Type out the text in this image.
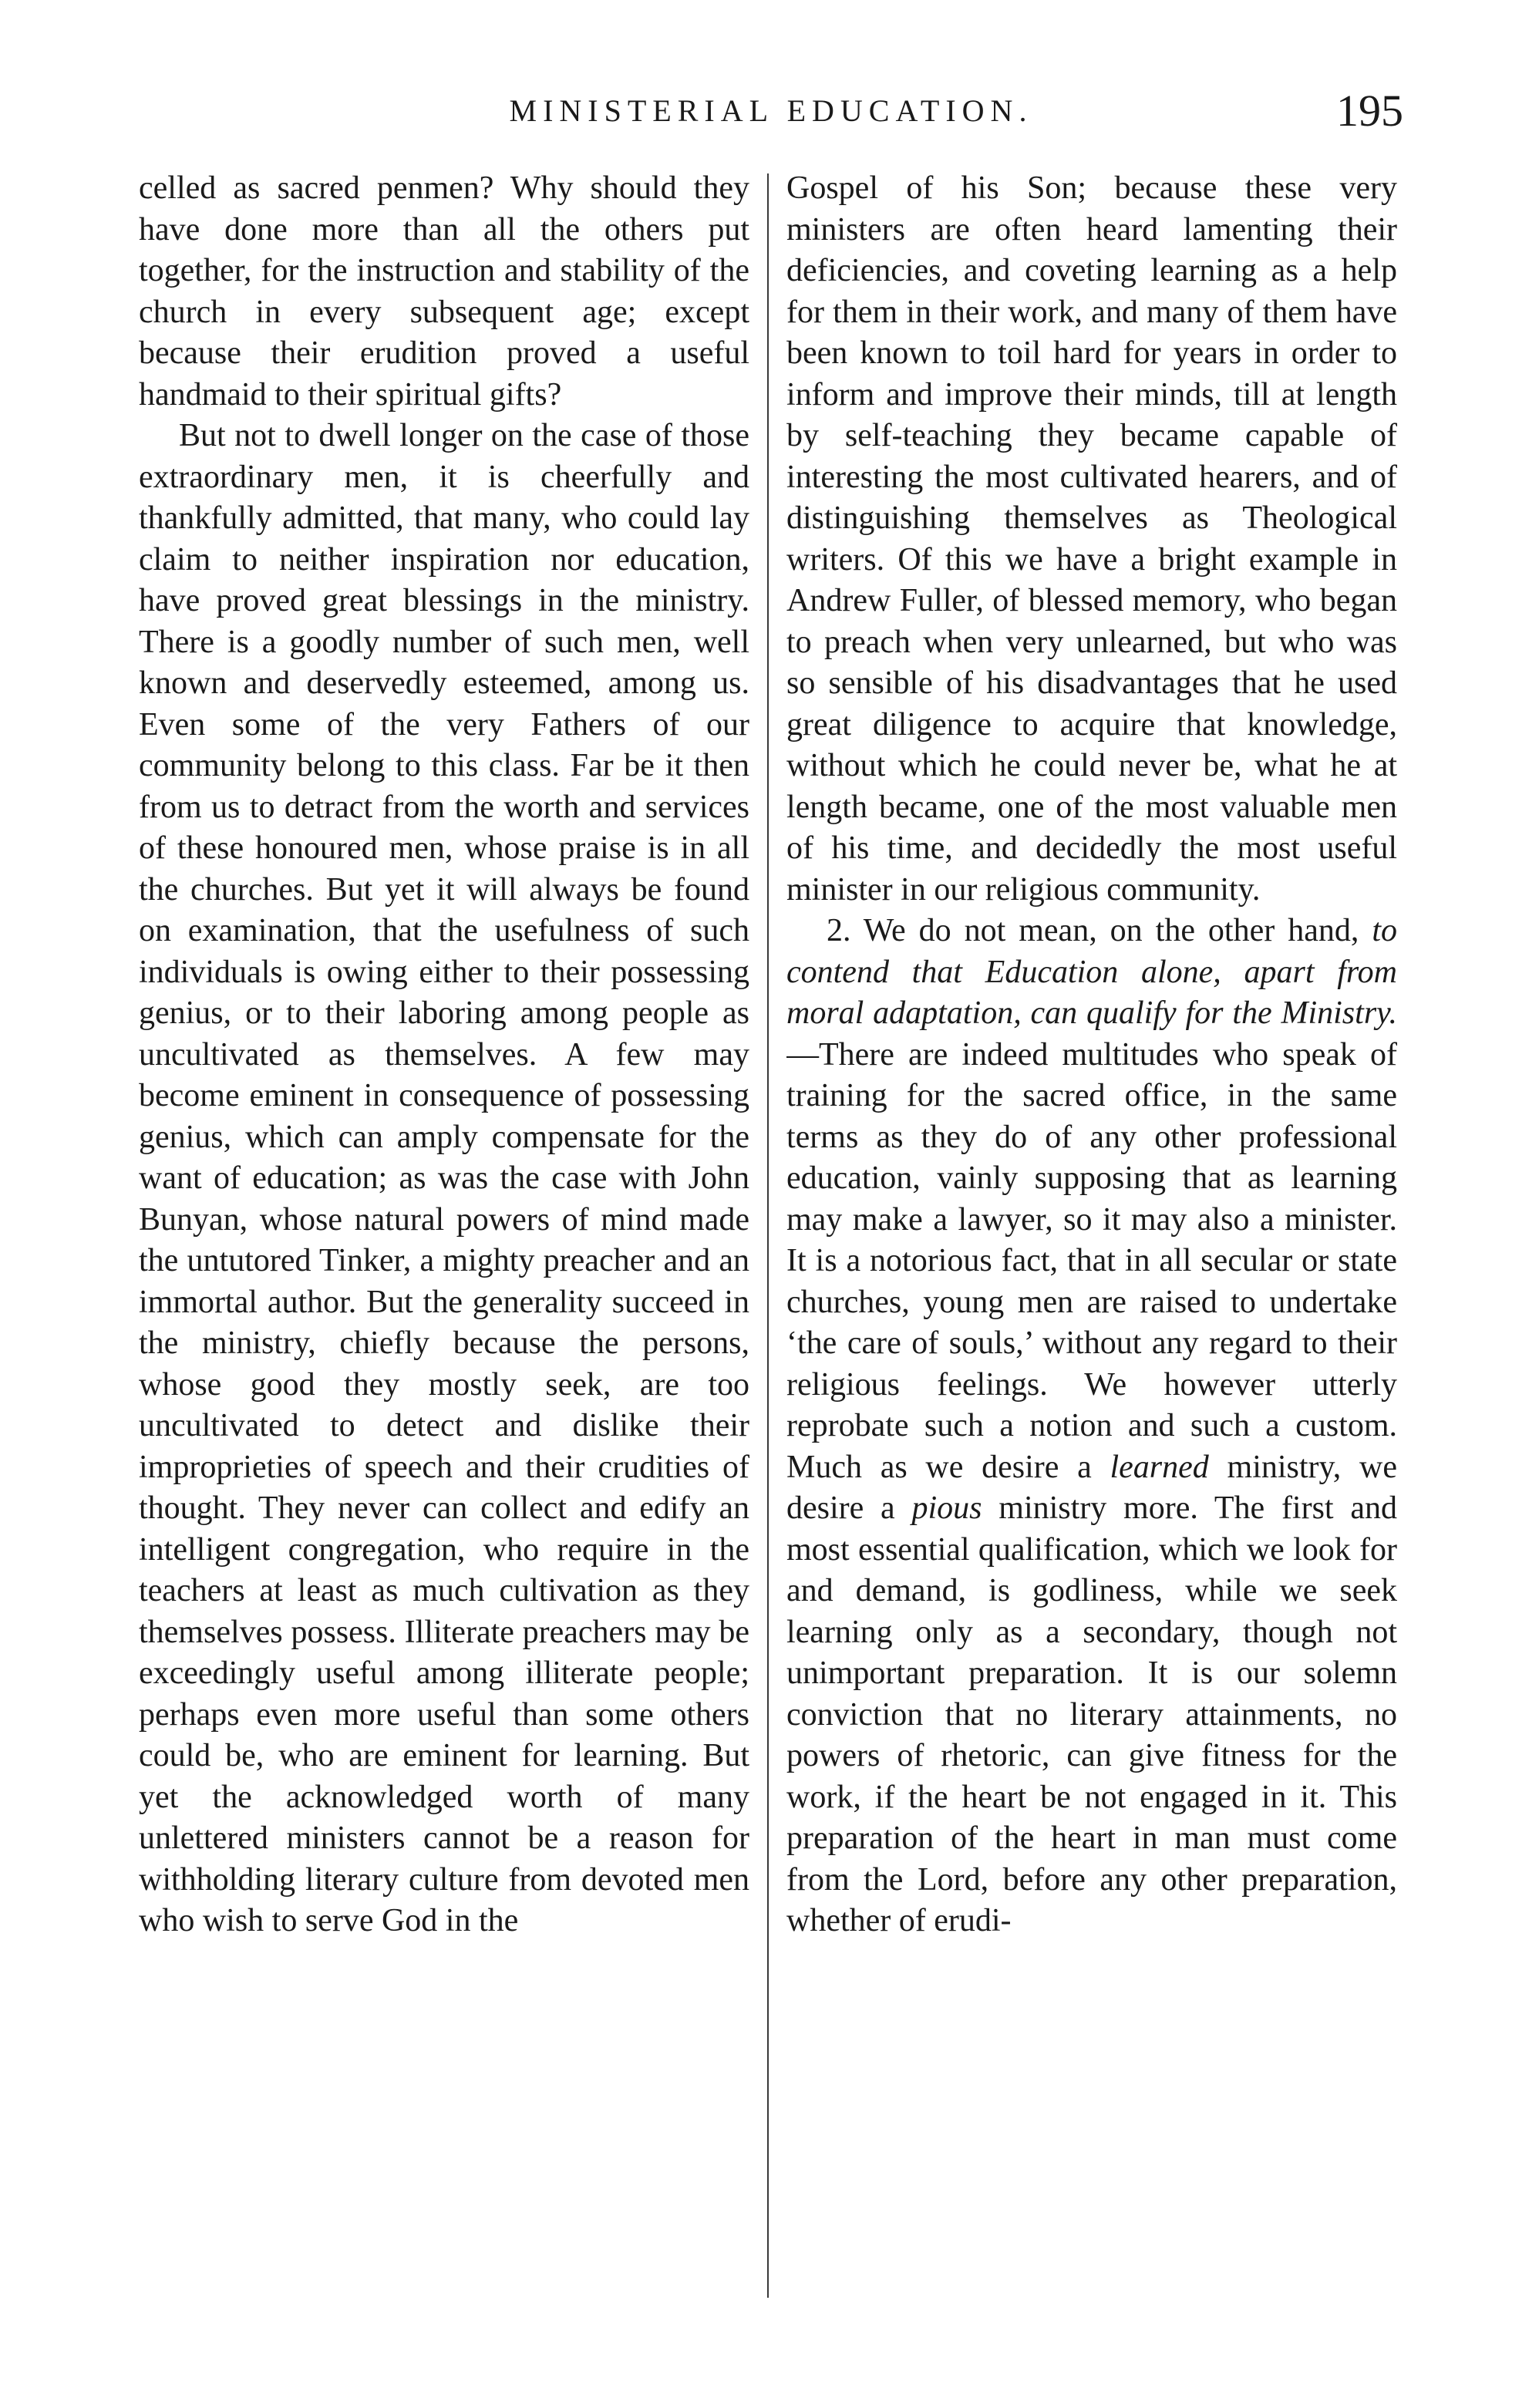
MINISTERIAL EDUCATION.	195

celled as sacred penmen? Why should they have done more than all the others put together, for the instruction and stability of the church in every subsequent age; except because their erudition proved a useful handmaid to their spiritual gifts?

But not to dwell longer on the case of those extraordinary men, it is cheerfully and thankfully admitted, that many, who could lay claim to neither inspiration nor education, have proved great blessings in the ministry. There is a goodly number of such men, well known and deservedly esteemed, among us. Even some of the very Fathers of our community belong to this class. Far be it then from us to detract from the worth and services of these honoured men, whose praise is in all the churches. But yet it will always be found on examination, that the usefulness of such individuals is owing either to their possessing genius, or to their laboring among people as uncultivated as themselves. A few may become eminent in consequence of possessing genius, which can amply compensate for the want of education; as was the case with John Bunyan, whose natural powers of mind made the untutored Tinker, a mighty preacher and an immortal author. But the generality succeed in the ministry, chiefly because the persons, whose good they mostly seek, are too uncultivated to detect and dislike their improprieties of speech and their crudities of thought. They never can collect and edify an intelligent congregation, who require in the teachers at least as much cultivation as they themselves possess. Illiterate preachers may be exceedingly useful among illiterate people; perhaps even more useful than some others could be, who are eminent for learning. But yet the acknowledged worth of many unlettered ministers cannot be a reason for withholding literary culture from devoted men who wish to serve God in the

Gospel of his Son; because these very ministers are often heard lamenting their deficiencies, and coveting learning as a help for them in their work, and many of them have been known to toil hard for years in order to inform and improve their minds, till at length by self-teaching they became capable of interesting the most cultivated hearers, and of distinguishing themselves as Theological writers. Of this we have a bright example in Andrew Fuller, of blessed memory, who began to preach when very unlearned, but who was so sensible of his disadvantages that he used great diligence to acquire that knowledge, without which he could never be, what he at length became, one of the most valuable men of his time, and decidedly the most useful minister in our religious community.

2. We do not mean, on the other hand, to contend that Education alone, apart from moral adaptation, can qualify for the Ministry.—There are indeed multitudes who speak of training for the sacred office, in the same terms as they do of any other professional education, vainly supposing that as learning may make a lawyer, so it may also a minister. It is a notorious fact, that in all secular or state churches, young men are raised to undertake ‘the care of souls,’ without any regard to their religious feelings. We however utterly reprobate such a notion and such a custom. Much as we desire a learned ministry, we desire a pious ministry more. The first and most essential qualification, which we look for and demand, is godliness, while we seek learning only as a secondary, though not unimportant preparation. It is our solemn conviction that no literary attainments, no powers of rhetoric, can give fitness for the work, if the heart be not engaged in it. This preparation of the heart in man must come from the Lord, before any other preparation, whether of erudi-
